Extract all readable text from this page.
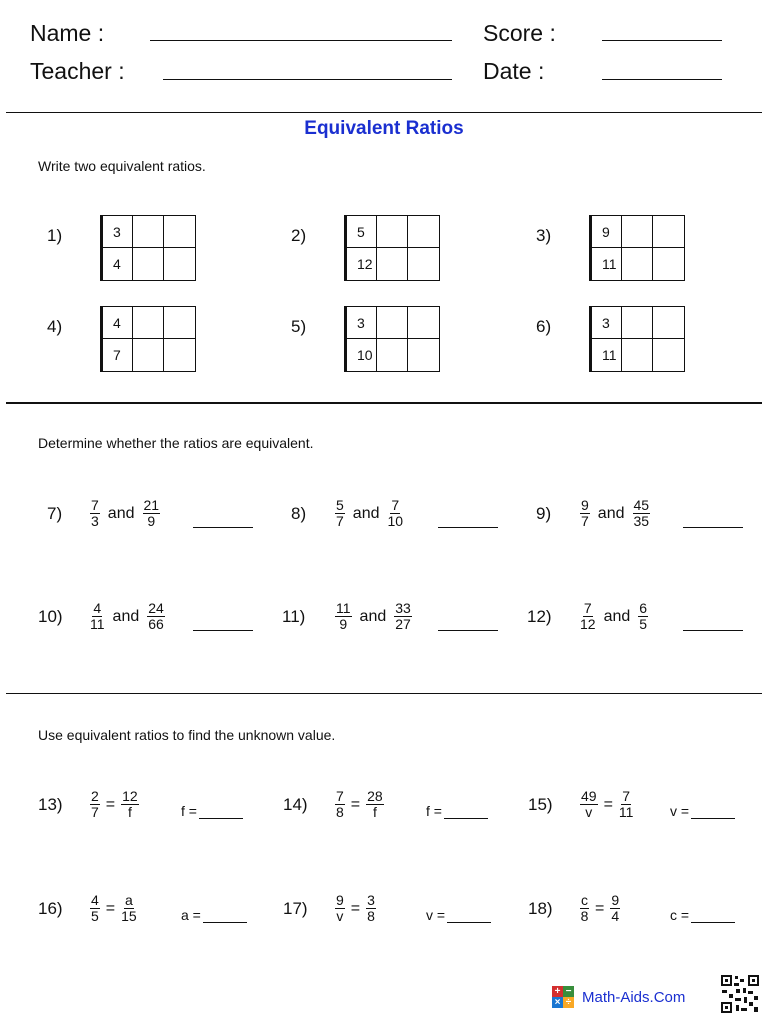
Name :
Teacher :
Score :
Date :
Equivalent Ratios
Write two equivalent ratios.
1)	3
4
2)	5
12
3)	9
11
4)	4
7
5)	3
10
6)	3
11
Determine whether the ratios are equivalent.
$7) \frac{7}{3}$ and $\frac{21}{9}$	$8) \frac{5}{7}$ and $\frac{7}{10}$	$9) \frac{9}{7}$ and $\frac{45}{35}$
$10) \frac{4}{11}$ and $\frac{24}{66}$	$11) \frac{11}{9}$ and $\frac{33}{27}$	$12) \frac{7}{12}$ and $\frac{6}{5}$
Use equivalent ratios to find the unknown value.
$13) \frac{2}{7} = \frac{12}{f}$	f =	$14) \frac{7}{8} = \frac{28}{f}$	f =	$15) \frac{49}{v} = \frac{7}{11}$	v =
$16) \frac{4}{5} = \frac{a}{15}$	a =	$17) \frac{9}{v} = \frac{3}{8}$	v =	$18) \frac{c}{8} = \frac{9}{4}$	c =
+ −
× ÷ Math-Aids.Com
